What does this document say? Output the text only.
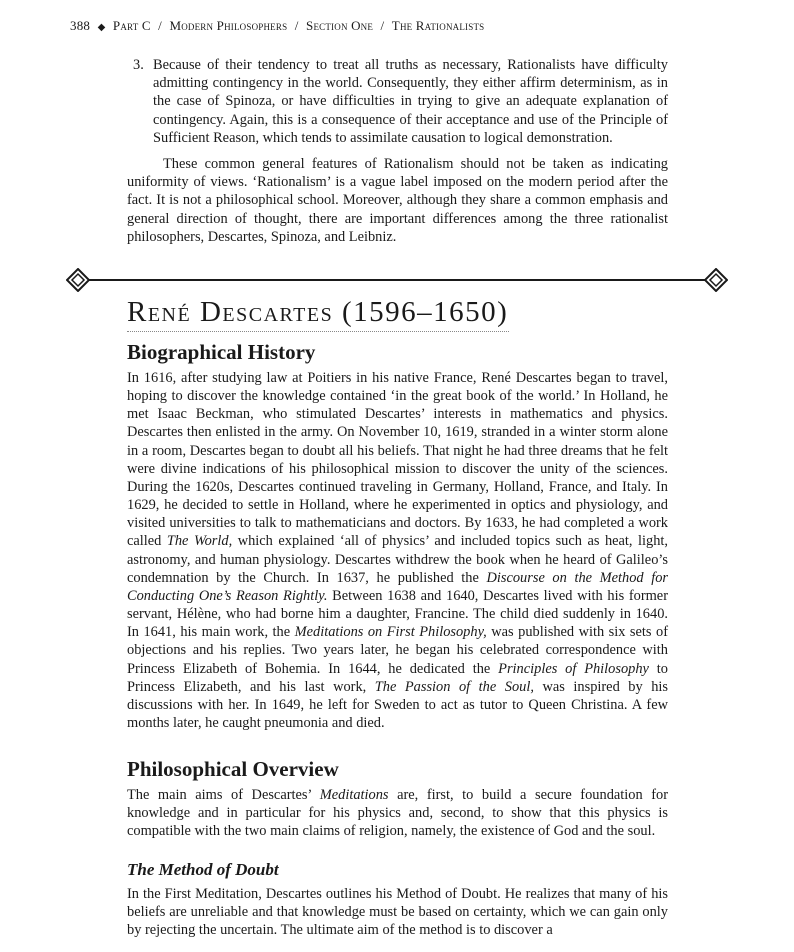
388 ◆ Part C / Modern Philosophers / Section One / The Rationalists

3. Because of their tendency to treat all truths as necessary, Rationalists have difficulty admitting contingency in the world. Consequently, they either affirm determinism, as in the case of Spinoza, or have difficulties in trying to give an adequate explanation of contingency. Again, this is a consequence of their acceptance and use of the Principle of Sufficient Reason, which tends to assimilate causation to logical demonstration.

These common general features of Rationalism should not be taken as indicating uniformity of views. ‘Rationalism’ is a vague label imposed on the modern period after the fact. It is not a philosophical school. Moreover, although they share a common emphasis and general direction of thought, there are important differences among the three rationalist philosophers, Descartes, Spinoza, and Leibniz.

René Descartes (1596–1650)
Biographical History

In 1616, after studying law at Poitiers in his native France, René Descartes began to travel, hoping to discover the knowledge contained ‘in the great book of the world.’ In Holland, he met Isaac Beckman, who stimulated Descartes’ interests in mathematics and physics. Descartes then enlisted in the army. On November 10, 1619, stranded in a winter storm alone in a room, Descartes began to doubt all his beliefs. That night he had three dreams that he felt were divine indications of his philosophical mission to discover the unity of the sciences. During the 1620s, Descartes continued traveling in Germany, Holland, France, and Italy. In 1629, he decided to settle in Holland, where he experimented in optics and physiology, and visited universities to talk to mathematicians and doctors. By 1633, he had completed a work called The World, which explained ‘all of physics’ and included topics such as heat, light, astronomy, and human physiology. Descartes withdrew the book when he heard of Galileo’s condemnation by the Church. In 1637, he published the Discourse on the Method for Conducting One’s Reason Rightly. Between 1638 and 1640, Descartes lived with his former servant, Hélène, who had borne him a daughter, Francine. The child died suddenly in 1640. In 1641, his main work, the Meditations on First Philosophy, was published with six sets of objections and his replies. Two years later, he began his celebrated correspondence with Princess Elizabeth of Bohemia. In 1644, he dedicated the Principles of Philosophy to Princess Elizabeth, and his last work, The Passion of the Soul, was inspired by his discussions with her. In 1649, he left for Sweden to act as tutor to Queen Christina. A few months later, he caught pneumonia and died.

Philosophical Overview

The main aims of Descartes’ Meditations are, first, to build a secure foundation for knowledge and in particular for his physics and, second, to show that this physics is compatible with the two main claims of religion, namely, the existence of God and the soul.

The Method of Doubt

In the First Meditation, Descartes outlines his Method of Doubt. He realizes that many of his beliefs are unreliable and that knowledge must be based on certainty, which we can gain only by rejecting the uncertain. The ultimate aim of the method is to discover a
